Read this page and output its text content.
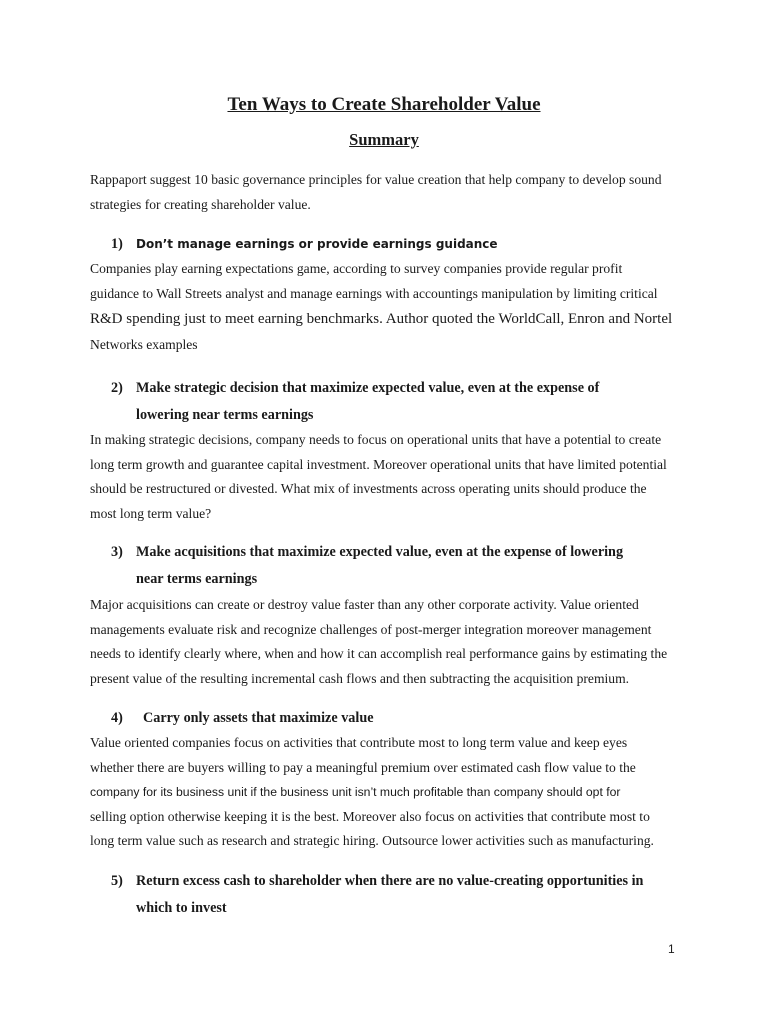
Ten Ways to Create Shareholder Value
Summary
Rappaport suggest 10 basic governance principles for value creation that help company to develop sound
strategies for creating shareholder value.
1) Don’t manage earnings or provide earnings guidance
Companies play earning expectations game, according to survey companies provide regular profit
guidance to Wall Streets analyst and manage earnings with accountings manipulation by limiting critical
R&D spending just to meet earning benchmarks. Author quoted the WorldCall, Enron and Nortel
Networks examples
2) Make strategic decision that maximize expected value, even at the expense of
lowering near terms earnings
In making strategic decisions, company needs to focus on operational units that have a potential to create
long term growth and guarantee capital investment. Moreover operational units that have limited potential
should be restructured or divested. What mix of investments across operating units should produce the
most long term value?
3) Make acquisitions that maximize expected value, even at the expense of lowering
near terms earnings
Major acquisitions can create or destroy value faster than any other corporate activity. Value oriented
managements evaluate risk and recognize challenges of post-merger integration moreover management
needs to identify clearly where, when and how it can accomplish real performance gains by estimating the
present value of the resulting incremental cash flows and then subtracting the acquisition premium.
4) Carry only assets that maximize value
Value oriented companies focus on activities that contribute most to long term value and keep eyes
whether there are buyers willing to pay a meaningful premium over estimated cash flow value to the
company for its business unit if the business unit isn’t much profitable than company should opt for
selling option otherwise keeping it is the best. Moreover also focus on activities that contribute most to
long term value such as research and strategic hiring. Outsource lower activities such as manufacturing.
5) Return excess cash to shareholder when there are no value-creating opportunities in
which to invest
1
